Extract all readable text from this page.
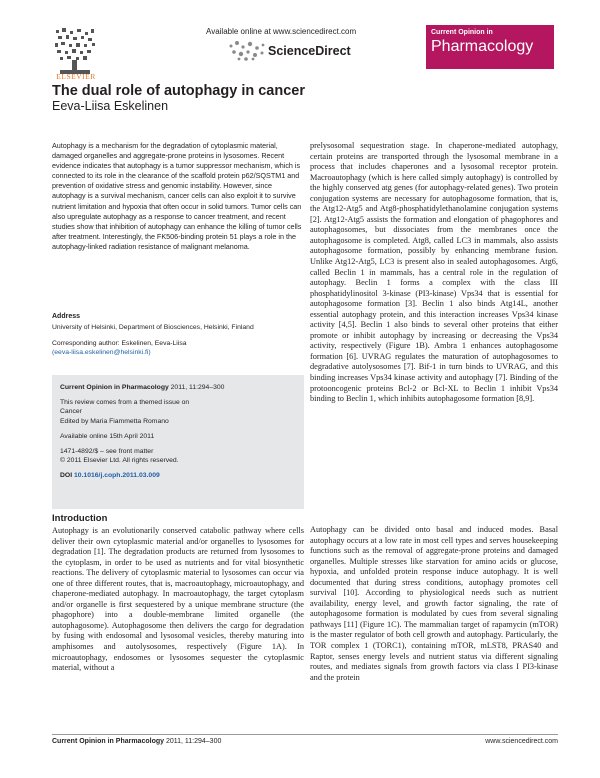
ELSEVIER
Available online at www.sciencedirect.com
ScienceDirect
Current Opinion in
Pharmacology
The dual role of autophagy in cancer
Eeva-Liisa Eskelinen

Autophagy is a mechanism for the degradation of cytoplasmic material, damaged organelles and aggregate-prone proteins in lysosomes. Recent evidence indicates that autophagy is a tumor suppressor mechanism, which is connected to its role in the clearance of the scaffold protein p62/SQSTM1 and prevention of oxidative stress and genomic instability. However, since autophagy is a survival mechanism, cancer cells can also exploit it to survive nutrient limitation and hypoxia that often occur in solid tumors. Tumor cells can also upregulate autophagy as a response to cancer treatment, and recent studies show that inhibition of autophagy can enhance the killing of tumor cells after treatment. Interestingly, the FK506-binding protein 51 plays a role in the autophagy-linked radiation resistance of malignant melanoma.

Address
University of Helsinki, Department of Biosciences, Helsinki, Finland
Corresponding author: Eskelinen, Eeva-Liisa
(eeva-liisa.eskelinen@helsinki.fi)

Current Opinion in Pharmacology 2011, 11:294–300

This review comes from a themed issue on
Cancer
Edited by Maria Fiammetta Romano

Available online 15th April 2011

1471-4892/$ – see front matter
© 2011 Elsevier Ltd. All rights reserved.

DOI 10.1016/j.coph.2011.03.009

Introduction

Autophagy is an evolutionarily conserved catabolic pathway where cells deliver their own cytoplasmic material and/or organelles to lysosomes for degradation [1]. The degradation products are returned from lysosomes to the cytoplasm, in order to be used as nutrients and for vital biosynthetic reactions. The delivery of cytoplasmic material to lysosomes can occur via one of three different routes, that is, macroautophagy, microautophagy, and chaperone-mediated autophagy. In macroautophagy, the target cytoplasm and/or organelle is first sequestered by a unique membrane structure (the phagophore) into a double-membrane limited organelle (the autophagosome). Autophagosome then delivers the cargo for degradation by fusing with endosomal and lysosomal vesicles, thereby maturing into amphisomes and autolysosomes, respectively (Figure 1A). In microautophagy, endosomes or lysosomes sequester the cytoplasmic material, without a

prelysosomal sequestration stage. In chaperone-mediated autophagy, certain proteins are transported through the lysosomal membrane in a process that includes chaperones and a lysosomal receptor protein. Macroautophagy (which is here called simply autophagy) is controlled by the highly conserved atg genes (for autophagy-related genes). Two protein conjugation systems are necessary for autophagosome formation, that is, the Atg12-Atg5 and Atg8-phosphatidylethanolamine conjugation systems [2]. Atg12-Atg5 assists the formation and elongation of phagophores and autophagosomes, but dissociates from the membranes once the autophagosome is completed. Atg8, called LC3 in mammals, also assists autophagosome formation, possibly by enhancing membrane fusion. Unlike Atg12-Atg5, LC3 is present also in sealed autophagosomes. Atg6, called Beclin 1 in mammals, has a central role in the regulation of autophagy. Beclin 1 forms a complex with the class III phosphatidylinositol 3-kinase (PI3-kinase) Vps34 that is essential for autophagosome formation [3]. Beclin 1 also binds Atg14L, another essential autophagy protein, and this interaction increases Vps34 kinase activity [4,5]. Beclin 1 also binds to several other proteins that either promote or inhibit autophagy by increasing or decreasing the Vps34 activity, respectively (Figure 1B). Ambra 1 enhances autophagosome formation [6]. UVRAG regulates the maturation of autophagosomes to degradative autolysosomes [7]. Bif-1 in turn binds to UVRAG, and this binding increases Vps34 kinase activity and autophagy [7]. Binding of the protooncogenic proteins Bcl-2 or Bcl-XL to Beclin 1 inhibit Vps34 binding to Beclin 1, which inhibits autophagosome formation [8,9].

Autophagy can be divided onto basal and induced modes. Basal autophagy occurs at a low rate in most cell types and serves housekeeping functions such as the removal of aggregate-prone proteins and damaged organelles. Multiple stresses like starvation for amino acids or glucose, hypoxia, and unfolded protein response induce autophagy. It is well documented that during stress conditions, autophagy promotes cell survival [10]. According to physiological needs such as nutrient availability, energy level, and growth factor signaling, the rate of autophagosome formation is modulated by cues from several signaling pathways [11] (Figure 1C). The mammalian target of rapamycin (mTOR) is the master regulator of both cell growth and autophagy. Particularly, the TOR complex 1 (TORC1), containing mTOR, mLST8, PRAS40 and Raptor, senses energy levels and nutrient status via different signaling routes, and mediates signals from growth factors via class I PI3-kinase and the protein

Current Opinion in Pharmacology 2011, 11:294–300	www.sciencedirect.com
